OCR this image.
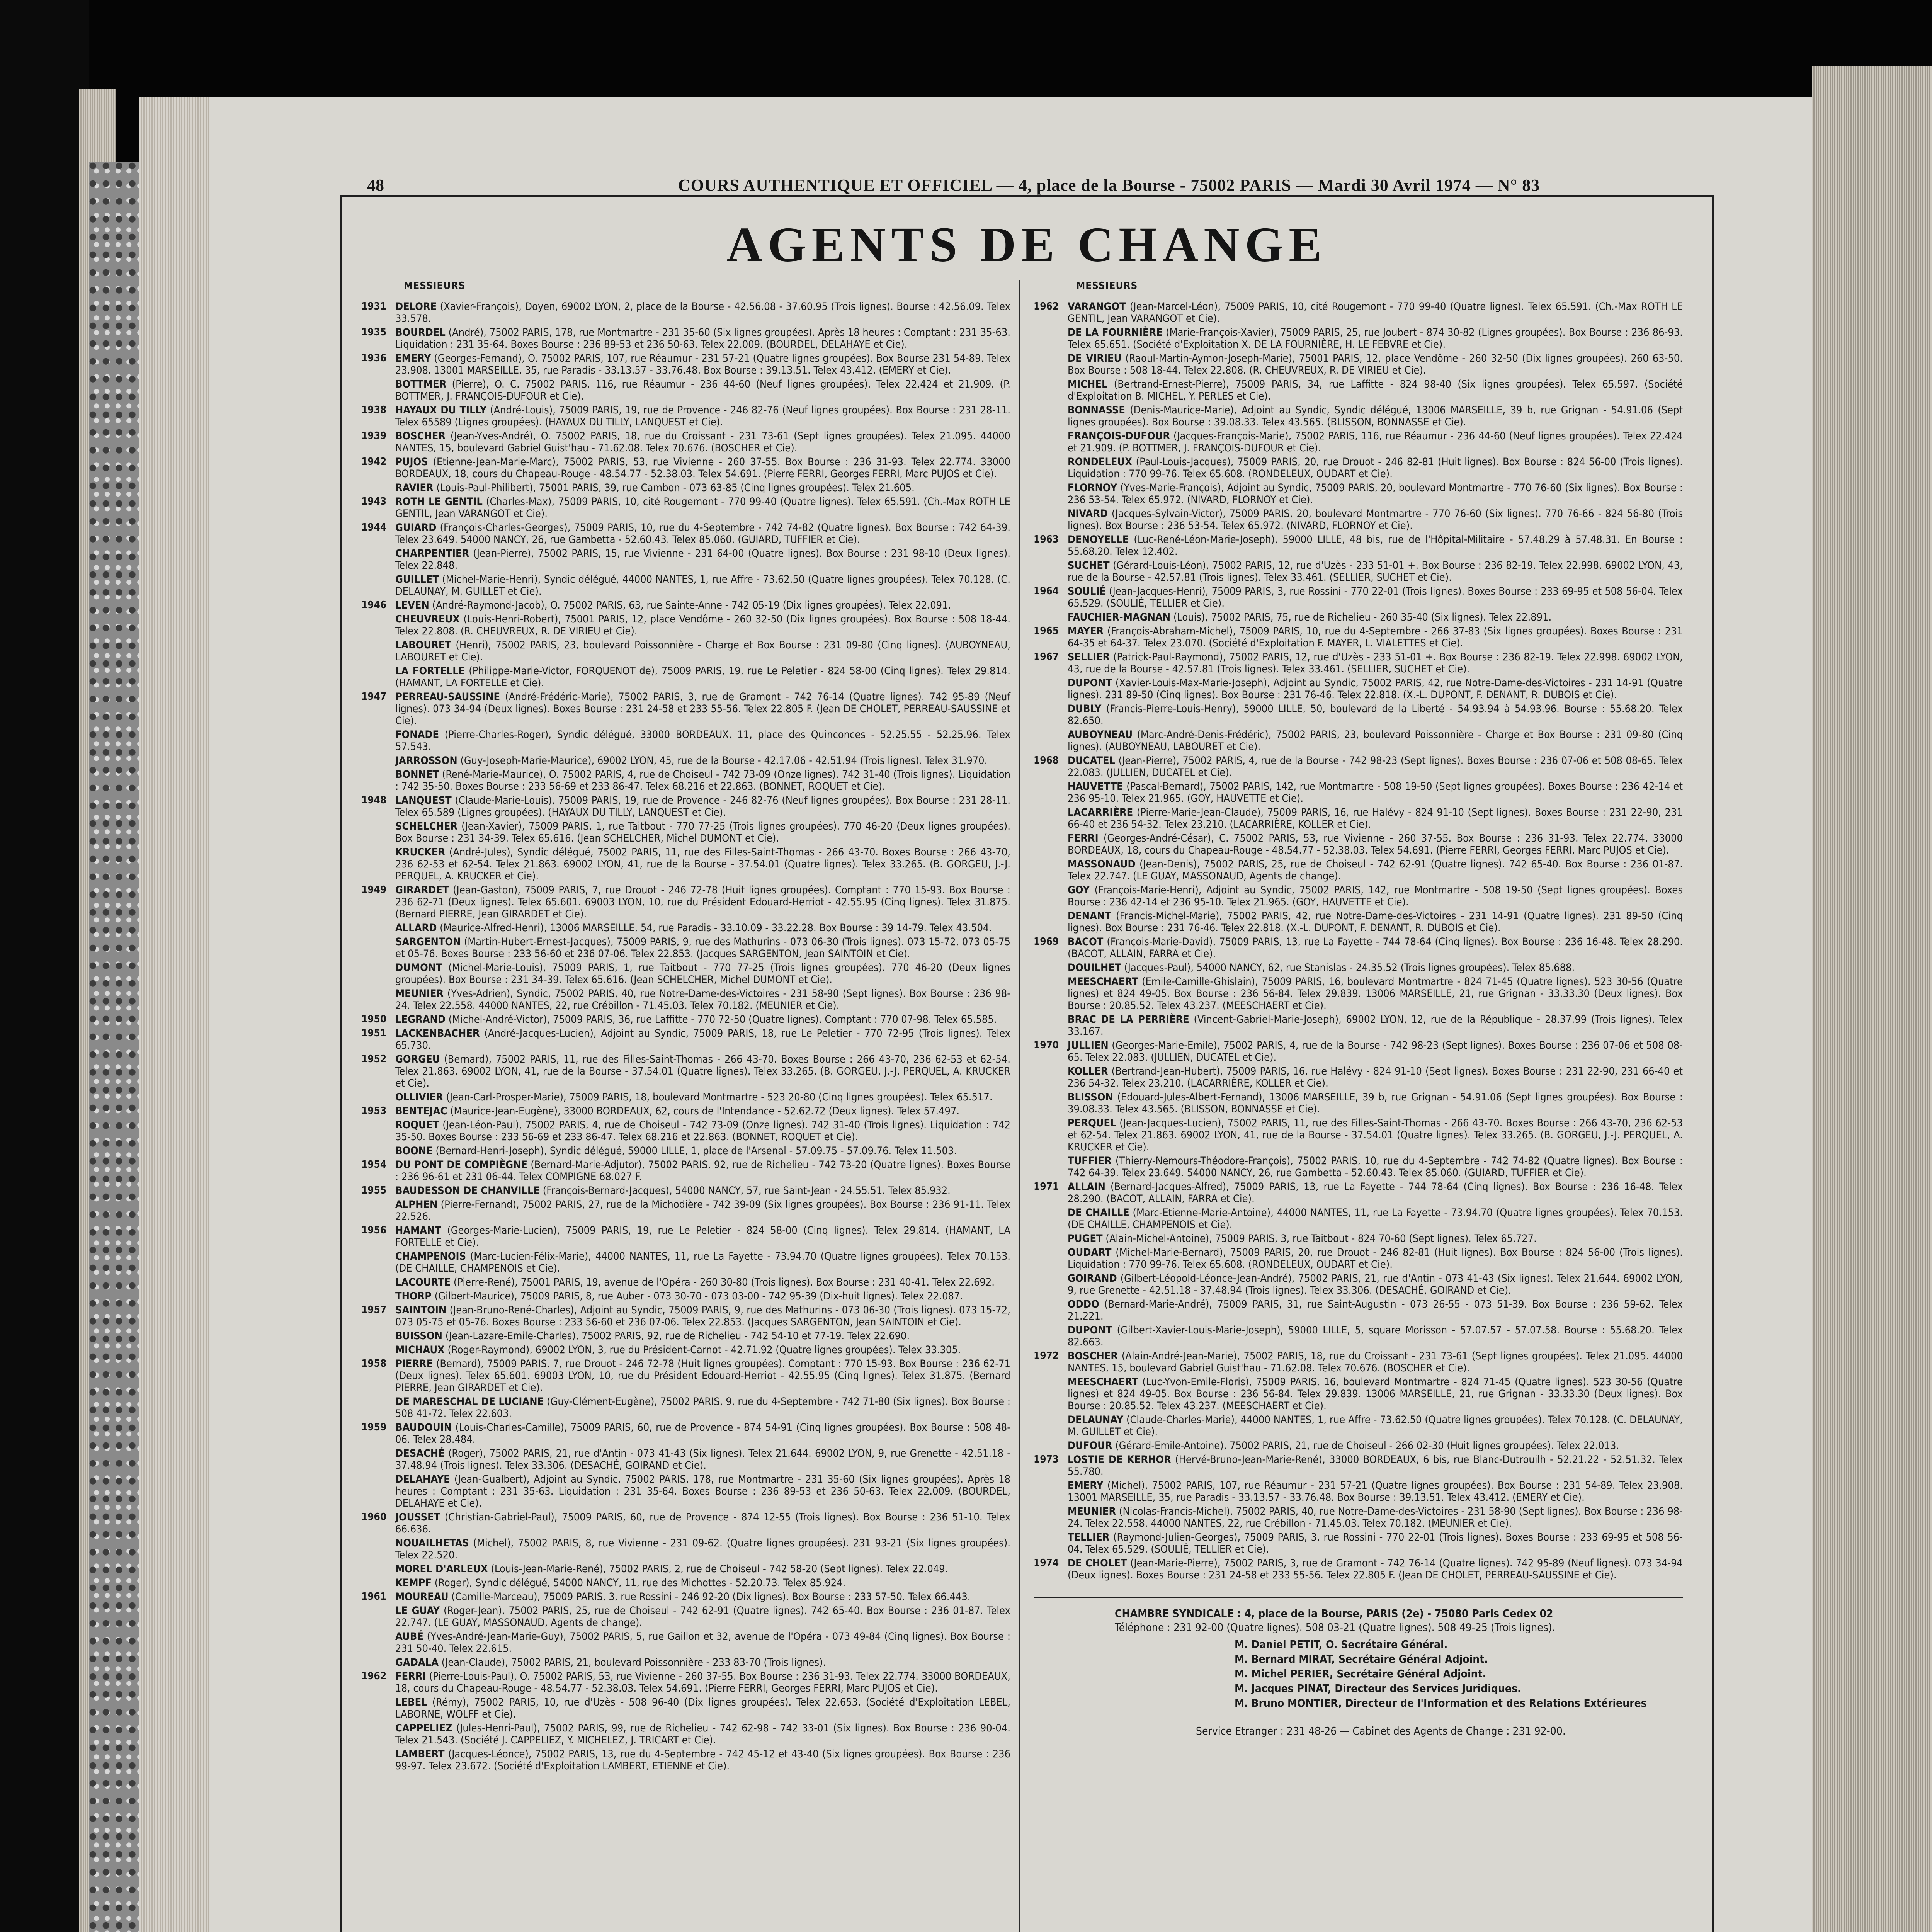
48	COURS AUTHENTIQUE ET OFFICIEL — 4, place de la Bourse - 75002 PARIS — Mardi 30 Avril 1974 — N° 83
AGENTS DE CHANGE
MESSIEURS
1931 DELORE (Xavier-François), Doyen, 69002 LYON, 2, place de la Bourse - 42.56.08 - 37.60.95 (Trois lignes). Bourse : 42.56.09. Telex 33.578.
1935 BOURDEL (André), 75002 PARIS, 178, rue Montmartre - 231 35-60 (Six lignes groupées). Après 18 heures : Comptant : 231 35-63. Liquidation : 231 35-64. Boxes Bourse : 236 89-53 et 236 50-63. Telex 22.009. (BOURDEL, DELAHAYE et Cie).
1936 EMERY (Georges-Fernand), O. 75002 PARIS, 107, rue Réaumur - 231 57-21 (Quatre lignes groupées). Box Bourse 231 54-89. Telex 23.908. 13001 MARSEILLE, 35, rue Paradis - 33.13.57 - 33.76.48. Box Bourse : 39.13.51. Telex 43.412. (EMERY et Cie).
BOTTMER (Pierre), O. C. 75002 PARIS, 116, rue Réaumur - 236 44-60 (Neuf lignes groupées). Telex 22.424 et 21.909. (P. BOTTMER, J. FRANÇOIS-DUFOUR et Cie).
1938 HAYAUX DU TILLY (André-Louis), 75009 PARIS, 19, rue de Provence - 246 82-76 (Neuf lignes groupées). Box Bourse : 231 28-11. Telex 65589 (Lignes groupées). (HAYAUX DU TILLY, LANQUEST et Cie).
1939 BOSCHER (Jean-Yves-André), O. 75002 PARIS, 18, rue du Croissant - 231 73-61 (Sept lignes groupées). Telex 21.095. 44000 NANTES, 15, boulevard Gabriel Guist'hau - 71.62.08. Telex 70.676. (BOSCHER et Cie).
1942 PUJOS (Etienne-Jean-Marie-Marc), 75002 PARIS, 53, rue Vivienne - 260 37-55. Box Bourse : 236 31-93. Telex 22.774. 33000 BORDEAUX, 18, cours du Chapeau-Rouge - 48.54.77 - 52.38.03. Telex 54.691. (Pierre FERRI, Georges FERRI, Marc PUJOS et Cie).
RAVIER (Louis-Paul-Philibert), 75001 PARIS, 39, rue Cambon - 073 63-85 (Cinq lignes groupées). Telex 21.605.
1943 ROTH LE GENTIL (Charles-Max), 75009 PARIS, 10, cité Rougemont - 770 99-40 (Quatre lignes). Telex 65.591. (Ch.-Max ROTH LE GENTIL, Jean VARANGOT et Cie).
1944 GUIARD (François-Charles-Georges), 75009 PARIS, 10, rue du 4-Septembre - 742 74-82 (Quatre lignes). Box Bourse : 742 64-39. Telex 23.649. 54000 NANCY, 26, rue Gambetta - 52.60.43. Telex 85.060. (GUIARD, TUFFIER et Cie).
CHARPENTIER (Jean-Pierre), 75002 PARIS, 15, rue Vivienne - 231 64-00 (Quatre lignes). Box Bourse : 231 98-10 (Deux lignes). Telex 22.848.
GUILLET (Michel-Marie-Henri), Syndic délégué, 44000 NANTES, 1, rue Affre - 73.62.50 (Quatre lignes groupées). Telex 70.128. (C. DELAUNAY, M. GUILLET et Cie).
1946 LEVEN (André-Raymond-Jacob), O. 75002 PARIS, 63, rue Sainte-Anne - 742 05-19 (Dix lignes groupées). Telex 22.091.
CHEUVREUX (Louis-Henri-Robert), 75001 PARIS, 12, place Vendôme - 260 32-50 (Dix lignes groupées). Box Bourse : 508 18-44. Telex 22.808. (R. CHEUVREUX, R. DE VIRIEU et Cie).
LABOURET (Henri), 75002 PARIS, 23, boulevard Poissonnière - Charge et Box Bourse : 231 09-80 (Cinq lignes). (AUBOYNEAU, LABOURET et Cie).
LA FORTELLE (Philippe-Marie-Victor, FORQUENOT de), 75009 PARIS, 19, rue Le Peletier - 824 58-00 (Cinq lignes). Telex 29.814. (HAMANT, LA FORTELLE et Cie).
1947 PERREAU-SAUSSINE (André-Frédéric-Marie), 75002 PARIS, 3, rue de Gramont - 742 76-14 (Quatre lignes). 742 95-89 (Neuf lignes). 073 34-94 (Deux lignes). Boxes Bourse : 231 24-58 et 233 55-56. Telex 22.805 F. (Jean DE CHOLET, PERREAU-SAUSSINE et Cie).
FONADE (Pierre-Charles-Roger), Syndic délégué, 33000 BORDEAUX, 11, place des Quinconces - 52.25.55 - 52.25.96. Telex 57.543.
JARROSSON (Guy-Joseph-Marie-Maurice), 69002 LYON, 45, rue de la Bourse - 42.17.06 - 42.51.94 (Trois lignes). Telex 31.970.
BONNET (René-Marie-Maurice), O. 75002 PARIS, 4, rue de Choiseul - 742 73-09 (Onze lignes). 742 31-40 (Trois lignes). Liquidation : 742 35-50. Boxes Bourse : 233 56-69 et 233 86-47. Telex 68.216 et 22.863. (BONNET, ROQUET et Cie).
1948 LANQUEST (Claude-Marie-Louis), 75009 PARIS, 19, rue de Provence - 246 82-76 (Neuf lignes groupées). Box Bourse : 231 28-11. Telex 65.589 (Lignes groupées). (HAYAUX DU TILLY, LANQUEST et Cie).
SCHELCHER (Jean-Xavier), 75009 PARIS, 1, rue Taitbout - 770 77-25 (Trois lignes groupées). 770 46-20 (Deux lignes groupées). Box Bourse : 231 34-39. Telex 65.616. (Jean SCHELCHER, Michel DUMONT et Cie).
KRUCKER (André-Jules), Syndic délégué, 75002 PARIS, 11, rue des Filles-Saint-Thomas - 266 43-70. Boxes Bourse : 266 43-70, 236 62-53 et 62-54. Telex 21.863. 69002 LYON, 41, rue de la Bourse - 37.54.01 (Quatre lignes). Telex 33.265. (B. GORGEU, J.-J. PERQUEL, A. KRUCKER et Cie).
1949 GIRARDET (Jean-Gaston), 75009 PARIS, 7, rue Drouot - 246 72-78 (Huit lignes groupées). Comptant : 770 15-93. Box Bourse : 236 62-71 (Deux lignes). Telex 65.601. 69003 LYON, 10, rue du Président Edouard-Herriot - 42.55.95 (Cinq lignes). Telex 31.875. (Bernard PIERRE, Jean GIRARDET et Cie).
ALLARD (Maurice-Alfred-Henri), 13006 MARSEILLE, 54, rue Paradis - 33.10.09 - 33.22.28. Box Bourse : 39 14-79. Telex 43.504.
SARGENTON (Martin-Hubert-Ernest-Jacques), 75009 PARIS, 9, rue des Mathurins - 073 06-30 (Trois lignes). 073 15-72, 073 05-75 et 05-76. Boxes Bourse : 233 56-60 et 236 07-06. Telex 22.853. (Jacques SARGENTON, Jean SAINTOIN et Cie).
DUMONT (Michel-Marie-Louis), 75009 PARIS, 1, rue Taitbout - 770 77-25 (Trois lignes groupées). 770 46-20 (Deux lignes groupées). Box Bourse : 231 34-39. Telex 65.616. (Jean SCHELCHER, Michel DUMONT et Cie).
MEUNIER (Yves-Adrien), Syndic, 75002 PARIS, 40, rue Notre-Dame-des-Victoires - 231 58-90 (Sept lignes). Box Bourse : 236 98-24. Telex 22.558. 44000 NANTES, 22, rue Crébillon - 71.45.03. Telex 70.182. (MEUNIER et Cie).
1950 LEGRAND (Michel-André-Victor), 75009 PARIS, 36, rue Laffitte - 770 72-50 (Quatre lignes). Comptant : 770 07-98. Telex 65.585.
1951 LACKENBACHER (André-Jacques-Lucien), Adjoint au Syndic, 75009 PARIS, 18, rue Le Peletier - 770 72-95 (Trois lignes). Telex 65.730.
1952 GORGEU (Bernard), 75002 PARIS, 11, rue des Filles-Saint-Thomas - 266 43-70. Boxes Bourse : 266 43-70, 236 62-53 et 62-54. Telex 21.863. 69002 LYON, 41, rue de la Bourse - 37.54.01 (Quatre lignes). Telex 33.265. (B. GORGEU, J.-J. PERQUEL, A. KRUCKER et Cie).
OLLIVIER (Jean-Carl-Prosper-Marie), 75009 PARIS, 18, boulevard Montmartre - 523 20-80 (Cinq lignes groupées). Telex 65.517.
1953 BENTEJAC (Maurice-Jean-Eugène), 33000 BORDEAUX, 62, cours de l'Intendance - 52.62.72 (Deux lignes). Telex 57.497.
ROQUET (Jean-Léon-Paul), 75002 PARIS, 4, rue de Choiseul - 742 73-09 (Onze lignes). 742 31-40 (Trois lignes). Liquidation : 742 35-50. Boxes Bourse : 233 56-69 et 233 86-47. Telex 68.216 et 22.863. (BONNET, ROQUET et Cie).
BOONE (Bernard-Henri-Joseph), Syndic délégué, 59000 LILLE, 1, place de l'Arsenal - 57.09.75 - 57.09.76. Telex 11.503.
1954 DU PONT DE COMPIÈGNE (Bernard-Marie-Adjutor), 75002 PARIS, 92, rue de Richelieu - 742 73-20 (Quatre lignes). Boxes Bourse : 236 96-61 et 231 06-44. Telex COMPIGNE 68.027 F.
1955 BAUDESSON DE CHANVILLE (François-Bernard-Jacques), 54000 NANCY, 57, rue Saint-Jean - 24.55.51. Telex 85.932.
ALPHEN (Pierre-Fernand), 75002 PARIS, 27, rue de la Michodière - 742 39-09 (Six lignes groupées). Box Bourse : 236 91-11. Telex 22.526.
1956 HAMANT (Georges-Marie-Lucien), 75009 PARIS, 19, rue Le Peletier - 824 58-00 (Cinq lignes). Telex 29.814. (HAMANT, LA FORTELLE et Cie).
CHAMPENOIS (Marc-Lucien-Félix-Marie), 44000 NANTES, 11, rue La Fayette - 73.94.70 (Quatre lignes groupées). Telex 70.153. (DE CHAILLE, CHAMPENOIS et Cie).
LACOURTE (Pierre-René), 75001 PARIS, 19, avenue de l'Opéra - 260 30-80 (Trois lignes). Box Bourse : 231 40-41. Telex 22.692.
THORP (Gilbert-Maurice), 75009 PARIS, 8, rue Auber - 073 30-70 - 073 03-00 - 742 95-39 (Dix-huit lignes). Telex 22.087.
1957 SAINTOIN (Jean-Bruno-René-Charles), Adjoint au Syndic, 75009 PARIS, 9, rue des Mathurins - 073 06-30 (Trois lignes). 073 15-72, 073 05-75 et 05-76. Boxes Bourse : 233 56-60 et 236 07-06. Telex 22.853. (Jacques SARGENTON, Jean SAINTOIN et Cie).
BUISSON (Jean-Lazare-Emile-Charles), 75002 PARIS, 92, rue de Richelieu - 742 54-10 et 77-19. Telex 22.690.
MICHAUX (Roger-Raymond), 69002 LYON, 3, rue du Président-Carnot - 42.71.92 (Quatre lignes groupées). Telex 33.305.
1958 PIERRE (Bernard), 75009 PARIS, 7, rue Drouot - 246 72-78 (Huit lignes groupées). Comptant : 770 15-93. Box Bourse : 236 62-71 (Deux lignes). Telex 65.601. 69003 LYON, 10, rue du Président Edouard-Herriot - 42.55.95 (Cinq lignes). Telex 31.875. (Bernard PIERRE, Jean GIRARDET et Cie).
DE MARESCHAL DE LUCIANE (Guy-Clément-Eugène), 75002 PARIS, 9, rue du 4-Septembre - 742 71-80 (Six lignes). Box Bourse : 508 41-72. Telex 22.603.
1959 BAUDOUIN (Louis-Charles-Camille), 75009 PARIS, 60, rue de Provence - 874 54-91 (Cinq lignes groupées). Box Bourse : 508 48-06. Telex 28.484.
DESACHÉ (Roger), 75002 PARIS, 21, rue d'Antin - 073 41-43 (Six lignes). Telex 21.644. 69002 LYON, 9, rue Grenette - 42.51.18 - 37.48.94 (Trois lignes). Telex 33.306. (DESACHÉ, GOIRAND et Cie).
DELAHAYE (Jean-Gualbert), Adjoint au Syndic, 75002 PARIS, 178, rue Montmartre - 231 35-60 (Six lignes groupées). Après 18 heures : Comptant : 231 35-63. Liquidation : 231 35-64. Boxes Bourse : 236 89-53 et 236 50-63. Telex 22.009. (BOURDEL, DELAHAYE et Cie).
1960 JOUSSET (Christian-Gabriel-Paul), 75009 PARIS, 60, rue de Provence - 874 12-55 (Trois lignes). Box Bourse : 236 51-10. Telex 66.636.
NOUAILHETAS (Michel), 75002 PARIS, 8, rue Vivienne - 231 09-62. (Quatre lignes groupées). 231 93-21 (Six lignes groupées). Telex 22.520.
MOREL D'ARLEUX (Louis-Jean-Marie-René), 75002 PARIS, 2, rue de Choiseul - 742 58-20 (Sept lignes). Telex 22.049.
KEMPF (Roger), Syndic délégué, 54000 NANCY, 11, rue des Michottes - 52.20.73. Telex 85.924.
1961 MOUREAU (Camille-Marceau), 75009 PARIS, 3, rue Rossini - 246 92-20 (Dix lignes). Box Bourse : 233 57-50. Telex 66.443.
LE GUAY (Roger-Jean), 75002 PARIS, 25, rue de Choiseul - 742 62-91 (Quatre lignes). 742 65-40. Box Bourse : 236 01-87. Telex 22.747. (LE GUAY, MASSONAUD, Agents de change).
AUBÉ (Yves-André-Jean-Marie-Guy), 75002 PARIS, 5, rue Gaillon et 32, avenue de l'Opéra - 073 49-84 (Cinq lignes). Box Bourse : 231 50-40. Telex 22.615.
GADALA (Jean-Claude), 75002 PARIS, 21, boulevard Poissonnière - 233 83-70 (Trois lignes).
1962 FERRI (Pierre-Louis-Paul), O. 75002 PARIS, 53, rue Vivienne - 260 37-55. Box Bourse : 236 31-93. Telex 22.774. 33000 BORDEAUX, 18, cours du Chapeau-Rouge - 48.54.77 - 52.38.03. Telex 54.691. (Pierre FERRI, Georges FERRI, Marc PUJOS et Cie).
LEBEL (Rémy), 75002 PARIS, 10, rue d'Uzès - 508 96-40 (Dix lignes groupées). Telex 22.653. (Société d'Exploitation LEBEL, LABORNE, WOLFF et Cie).
CAPPELIEZ (Jules-Henri-Paul), 75002 PARIS, 99, rue de Richelieu - 742 62-98 - 742 33-01 (Six lignes). Box Bourse : 236 90-04. Telex 21.543. (Société J. CAPPELIEZ, Y. MICHELEZ, J. TRICART et Cie).
LAMBERT (Jacques-Léonce), 75002 PARIS, 13, rue du 4-Septembre - 742 45-12 et 43-40 (Six lignes groupées). Box Bourse : 236 99-97. Telex 23.672. (Société d'Exploitation LAMBERT, ETIENNE et Cie).
MESSIEURS
1962 VARANGOT (Jean-Marcel-Léon), 75009 PARIS, 10, cité Rougemont - 770 99-40 (Quatre lignes). Telex 65.591. (Ch.-Max ROTH LE GENTIL, Jean VARANGOT et Cie).
DE LA FOURNIÈRE (Marie-François-Xavier), 75009 PARIS, 25, rue Joubert - 874 30-82 (Lignes groupées). Box Bourse : 236 86-93. Telex 65.651. (Société d'Exploitation X. DE LA FOURNIÈRE, H. LE FEBVRE et Cie).
DE VIRIEU (Raoul-Martin-Aymon-Joseph-Marie), 75001 PARIS, 12, place Vendôme - 260 32-50 (Dix lignes groupées). 260 63-50. Box Bourse : 508 18-44. Telex 22.808. (R. CHEUVREUX, R. DE VIRIEU et Cie).
MICHEL (Bertrand-Ernest-Pierre), 75009 PARIS, 34, rue Laffitte - 824 98-40 (Six lignes groupées). Telex 65.597. (Société d'Exploitation B. MICHEL, Y. PERLES et Cie).
BONNASSE (Denis-Maurice-Marie), Adjoint au Syndic, Syndic délégué, 13006 MARSEILLE, 39 b, rue Grignan - 54.91.06 (Sept lignes groupées). Box Bourse : 39.08.33. Telex 43.565. (BLISSON, BONNASSE et Cie).
FRANÇOIS-DUFOUR (Jacques-François-Marie), 75002 PARIS, 116, rue Réaumur - 236 44-60 (Neuf lignes groupées). Telex 22.424 et 21.909. (P. BOTTMER, J. FRANÇOIS-DUFOUR et Cie).
RONDELEUX (Paul-Louis-Jacques), 75009 PARIS, 20, rue Drouot - 246 82-81 (Huit lignes). Box Bourse : 824 56-00 (Trois lignes). Liquidation : 770 99-76. Telex 65.608. (RONDELEUX, OUDART et Cie).
FLORNOY (Yves-Marie-François), Adjoint au Syndic, 75009 PARIS, 20, boulevard Montmartre - 770 76-60 (Six lignes). Box Bourse : 236 53-54. Telex 65.972. (NIVARD, FLORNOY et Cie).
NIVARD (Jacques-Sylvain-Victor), 75009 PARIS, 20, boulevard Montmartre - 770 76-60 (Six lignes). 770 76-66 - 824 56-80 (Trois lignes). Box Bourse : 236 53-54. Telex 65.972. (NIVARD, FLORNOY et Cie).
1963 DENOYELLE (Luc-René-Léon-Marie-Joseph), 59000 LILLE, 48 bis, rue de l'Hôpital-Militaire - 57.48.29 à 57.48.31. En Bourse : 55.68.20. Telex 12.402.
SUCHET (Gérard-Louis-Léon), 75002 PARIS, 12, rue d'Uzès - 233 51-01 +. Box Bourse : 236 82-19. Telex 22.998. 69002 LYON, 43, rue de la Bourse - 42.57.81 (Trois lignes). Telex 33.461. (SELLIER, SUCHET et Cie).
1964 SOULIÉ (Jean-Jacques-Henri), 75009 PARIS, 3, rue Rossini - 770 22-01 (Trois lignes). Boxes Bourse : 233 69-95 et 508 56-04. Telex 65.529. (SOULIÉ, TELLIER et Cie).
FAUCHIER-MAGNAN (Louis), 75002 PARIS, 75, rue de Richelieu - 260 35-40 (Six lignes). Telex 22.891.
1965 MAYER (François-Abraham-Michel), 75009 PARIS, 10, rue du 4-Septembre - 266 37-83 (Six lignes groupées). Boxes Bourse : 231 64-35 et 64-37. Telex 23.070. (Société d'Exploitation F. MAYER, L. VIALETTES et Cie).
1967 SELLIER (Patrick-Paul-Raymond), 75002 PARIS, 12, rue d'Uzès - 233 51-01 +. Box Bourse : 236 82-19. Telex 22.998. 69002 LYON, 43, rue de la Bourse - 42.57.81 (Trois lignes). Telex 33.461. (SELLIER, SUCHET et Cie).
DUPONT (Xavier-Louis-Max-Marie-Joseph), Adjoint au Syndic, 75002 PARIS, 42, rue Notre-Dame-des-Victoires - 231 14-91 (Quatre lignes). 231 89-50 (Cinq lignes). Box Bourse : 231 76-46. Telex 22.818. (X.-L. DUPONT, F. DENANT, R. DUBOIS et Cie).
DUBLY (Francis-Pierre-Louis-Henry), 59000 LILLE, 50, boulevard de la Liberté - 54.93.94 à 54.93.96. Bourse : 55.68.20. Telex 82.650.
AUBOYNEAU (Marc-André-Denis-Frédéric), 75002 PARIS, 23, boulevard Poissonnière - Charge et Box Bourse : 231 09-80 (Cinq lignes). (AUBOYNEAU, LABOURET et Cie).
1968 DUCATEL (Jean-Pierre), 75002 PARIS, 4, rue de la Bourse - 742 98-23 (Sept lignes). Boxes Bourse : 236 07-06 et 508 08-65. Telex 22.083. (JULLIEN, DUCATEL et Cie).
HAUVETTE (Pascal-Bernard), 75002 PARIS, 142, rue Montmartre - 508 19-50 (Sept lignes groupées). Boxes Bourse : 236 42-14 et 236 95-10. Telex 21.965. (GOY, HAUVETTE et Cie).
LACARRIÈRE (Pierre-Marie-Jean-Claude), 75009 PARIS, 16, rue Halévy - 824 91-10 (Sept lignes). Boxes Bourse : 231 22-90, 231 66-40 et 236 54-32. Telex 23.210. (LACARRIÈRE, KOLLER et Cie).
FERRI (Georges-André-César), C. 75002 PARIS, 53, rue Vivienne - 260 37-55. Box Bourse : 236 31-93. Telex 22.774. 33000 BORDEAUX, 18, cours du Chapeau-Rouge - 48.54.77 - 52.38.03. Telex 54.691. (Pierre FERRI, Georges FERRI, Marc PUJOS et Cie).
MASSONAUD (Jean-Denis), 75002 PARIS, 25, rue de Choiseul - 742 62-91 (Quatre lignes). 742 65-40. Box Bourse : 236 01-87. Telex 22.747. (LE GUAY, MASSONAUD, Agents de change).
GOY (François-Marie-Henri), Adjoint au Syndic, 75002 PARIS, 142, rue Montmartre - 508 19-50 (Sept lignes groupées). Boxes Bourse : 236 42-14 et 236 95-10. Telex 21.965. (GOY, HAUVETTE et Cie).
DENANT (Francis-Michel-Marie), 75002 PARIS, 42, rue Notre-Dame-des-Victoires - 231 14-91 (Quatre lignes). 231 89-50 (Cinq lignes). Box Bourse : 231 76-46. Telex 22.818. (X.-L. DUPONT, F. DENANT, R. DUBOIS et Cie).
1969 BACOT (François-Marie-David), 75009 PARIS, 13, rue La Fayette - 744 78-64 (Cinq lignes). Box Bourse : 236 16-48. Telex 28.290. (BACOT, ALLAIN, FARRA et Cie).
DOUILHET (Jacques-Paul), 54000 NANCY, 62, rue Stanislas - 24.35.52 (Trois lignes groupées). Telex 85.688.
MEESCHAERT (Emile-Camille-Ghislain), 75009 PARIS, 16, boulevard Montmartre - 824 71-45 (Quatre lignes). 523 30-56 (Quatre lignes) et 824 49-05. Box Bourse : 236 56-84. Telex 29.839. 13006 MARSEILLE, 21, rue Grignan - 33.33.30 (Deux lignes). Box Bourse : 20.85.52. Telex 43.237. (MEESCHAERT et Cie).
BRAC DE LA PERRIÈRE (Vincent-Gabriel-Marie-Joseph), 69002 LYON, 12, rue de la République - 28.37.99 (Trois lignes). Telex 33.167.
1970 JULLIEN (Georges-Marie-Emile), 75002 PARIS, 4, rue de la Bourse - 742 98-23 (Sept lignes). Boxes Bourse : 236 07-06 et 508 08-65. Telex 22.083. (JULLIEN, DUCATEL et Cie).
KOLLER (Bertrand-Jean-Hubert), 75009 PARIS, 16, rue Halévy - 824 91-10 (Sept lignes). Boxes Bourse : 231 22-90, 231 66-40 et 236 54-32. Telex 23.210. (LACARRIÈRE, KOLLER et Cie).
BLISSON (Edouard-Jules-Albert-Fernand), 13006 MARSEILLE, 39 b, rue Grignan - 54.91.06 (Sept lignes groupées). Box Bourse : 39.08.33. Telex 43.565. (BLISSON, BONNASSE et Cie).
PERQUEL (Jean-Jacques-Lucien), 75002 PARIS, 11, rue des Filles-Saint-Thomas - 266 43-70. Boxes Bourse : 266 43-70, 236 62-53 et 62-54. Telex 21.863. 69002 LYON, 41, rue de la Bourse - 37.54.01 (Quatre lignes). Telex 33.265. (B. GORGEU, J.-J. PERQUEL, A. KRUCKER et Cie).
TUFFIER (Thierry-Nemours-Théodore-François), 75002 PARIS, 10, rue du 4-Septembre - 742 74-82 (Quatre lignes). Box Bourse : 742 64-39. Telex 23.649. 54000 NANCY, 26, rue Gambetta - 52.60.43. Telex 85.060. (GUIARD, TUFFIER et Cie).
1971 ALLAIN (Bernard-Jacques-Alfred), 75009 PARIS, 13, rue La Fayette - 744 78-64 (Cinq lignes). Box Bourse : 236 16-48. Telex 28.290. (BACOT, ALLAIN, FARRA et Cie).
DE CHAILLE (Marc-Etienne-Marie-Antoine), 44000 NANTES, 11, rue La Fayette - 73.94.70 (Quatre lignes groupées). Telex 70.153. (DE CHAILLE, CHAMPENOIS et Cie).
PUGET (Alain-Michel-Antoine), 75009 PARIS, 3, rue Taitbout - 824 70-60 (Sept lignes). Telex 65.727.
OUDART (Michel-Marie-Bernard), 75009 PARIS, 20, rue Drouot - 246 82-81 (Huit lignes). Box Bourse : 824 56-00 (Trois lignes). Liquidation : 770 99-76. Telex 65.608. (RONDELEUX, OUDART et Cie).
GOIRAND (Gilbert-Léopold-Léonce-Jean-André), 75002 PARIS, 21, rue d'Antin - 073 41-43 (Six lignes). Telex 21.644. 69002 LYON, 9, rue Grenette - 42.51.18 - 37.48.94 (Trois lignes). Telex 33.306. (DESACHÉ, GOIRAND et Cie).
ODDO (Bernard-Marie-André), 75009 PARIS, 31, rue Saint-Augustin - 073 26-55 - 073 51-39. Box Bourse : 236 59-62. Telex 21.221.
DUPONT (Gilbert-Xavier-Louis-Marie-Joseph), 59000 LILLE, 5, square Morisson - 57.07.57 - 57.07.58. Bourse : 55.68.20. Telex 82.663.
1972 BOSCHER (Alain-André-Jean-Marie), 75002 PARIS, 18, rue du Croissant - 231 73-61 (Sept lignes groupées). Telex 21.095. 44000 NANTES, 15, boulevard Gabriel Guist'hau - 71.62.08. Telex 70.676. (BOSCHER et Cie).
MEESCHAERT (Luc-Yvon-Emile-Floris), 75009 PARIS, 16, boulevard Montmartre - 824 71-45 (Quatre lignes). 523 30-56 (Quatre lignes) et 824 49-05. Box Bourse : 236 56-84. Telex 29.839. 13006 MARSEILLE, 21, rue Grignan - 33.33.30 (Deux lignes). Box Bourse : 20.85.52. Telex 43.237. (MEESCHAERT et Cie).
DELAUNAY (Claude-Charles-Marie), 44000 NANTES, 1, rue Affre - 73.62.50 (Quatre lignes groupées). Telex 70.128. (C. DELAUNAY, M. GUILLET et Cie).
DUFOUR (Gérard-Emile-Antoine), 75002 PARIS, 21, rue de Choiseul - 266 02-30 (Huit lignes groupées). Telex 22.013.
1973 LOSTIE DE KERHOR (Hervé-Bruno-Jean-Marie-René), 33000 BORDEAUX, 6 bis, rue Blanc-Dutrouilh - 52.21.22 - 52.51.32. Telex 55.780.
EMERY (Michel), 75002 PARIS, 107, rue Réaumur - 231 57-21 (Quatre lignes groupées). Box Bourse : 231 54-89. Telex 23.908. 13001 MARSEILLE, 35, rue Paradis - 33.13.57 - 33.76.48. Box Bourse : 39.13.51. Telex 43.412. (EMERY et Cie).
MEUNIER (Nicolas-Francis-Michel), 75002 PARIS, 40, rue Notre-Dame-des-Victoires - 231 58-90 (Sept lignes). Box Bourse : 236 98-24. Telex 22.558. 44000 NANTES, 22, rue Crébillon - 71.45.03. Telex 70.182. (MEUNIER et Cie).
TELLIER (Raymond-Julien-Georges), 75009 PARIS, 3, rue Rossini - 770 22-01 (Trois lignes). Boxes Bourse : 233 69-95 et 508 56-04. Telex 65.529. (SOULIÉ, TELLIER et Cie).
1974 DE CHOLET (Jean-Marie-Pierre), 75002 PARIS, 3, rue de Gramont - 742 76-14 (Quatre lignes). 742 95-89 (Neuf lignes). 073 34-94 (Deux lignes). Boxes Bourse : 231 24-58 et 233 55-56. Telex 22.805 F. (Jean DE CHOLET, PERREAU-SAUSSINE et Cie).
CHAMBRE SYNDICALE : 4, place de la Bourse, PARIS (2e) - 75080 Paris Cedex 02
Téléphone : 231 92-00 (Quatre lignes). 508 03-21 (Quatre lignes). 508 49-25 (Trois lignes).
M. Daniel PETIT, O. Secrétaire Général.
M. Bernard MIRAT, Secrétaire Général Adjoint.
M. Michel PERIER, Secrétaire Général Adjoint.
M. Jacques PINAT, Directeur des Services Juridiques.
M. Bruno MONTIER, Directeur de l'Information et des Relations Extérieures
Service Etranger : 231 48-26 — Cabinet des Agents de Change : 231 92-00.
